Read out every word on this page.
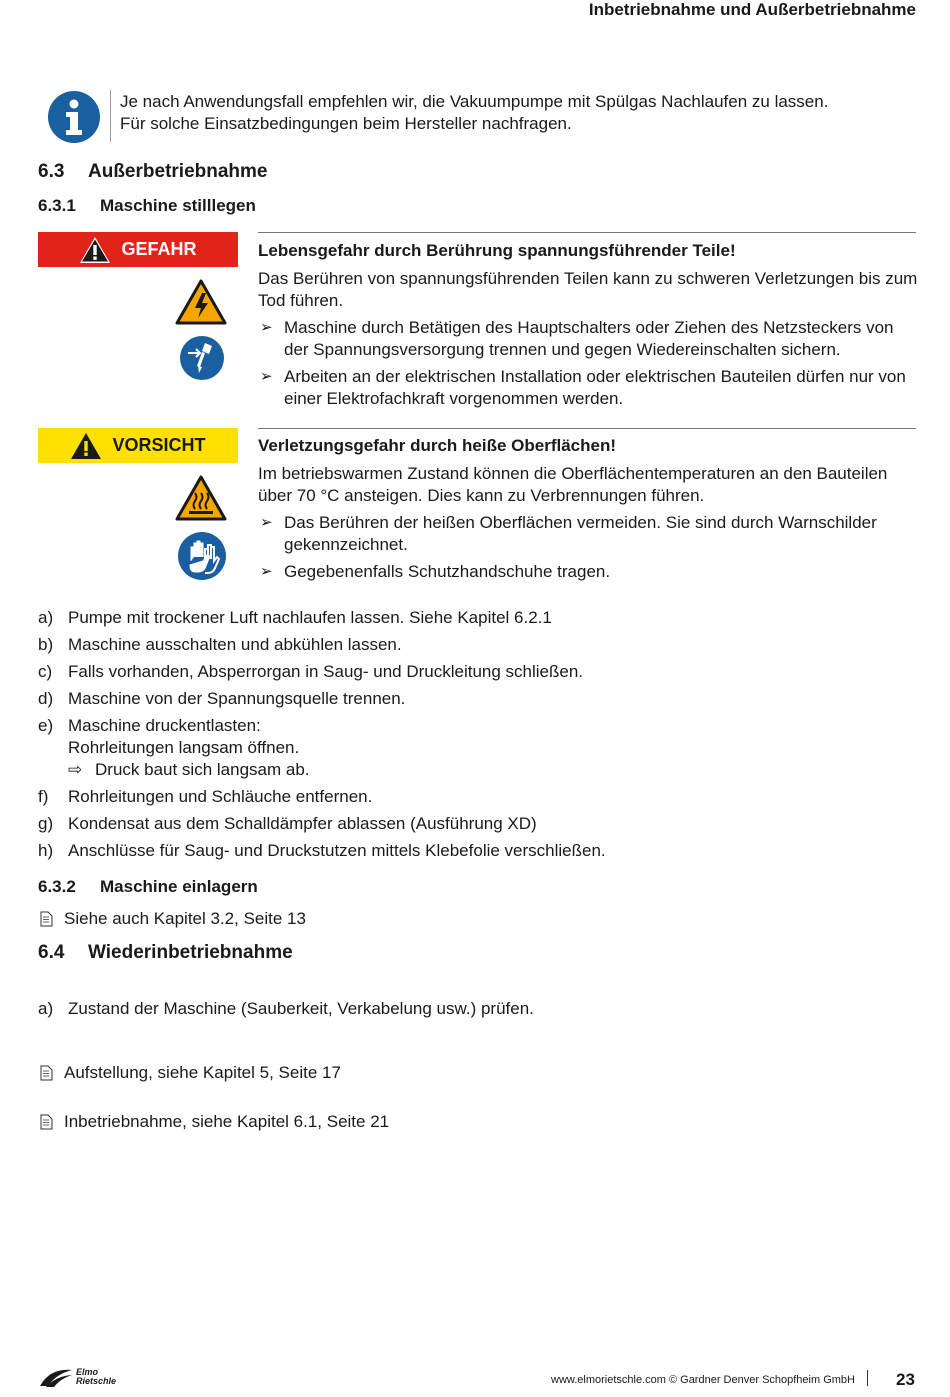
Inbetriebnahme und Außerbetriebnahme
Je nach Anwendungsfall empfehlen wir, die Vakuumpumpe mit Spülgas Nachlaufen zu lassen.
Für solche Einsatzbedingungen beim Hersteller nachfragen.
6.3 Außerbetriebnahme
6.3.1 Maschine stilllegen
GEFAHR	Lebensgefahr durch Berührung spannungsführender Teile!

Das Berühren von spannungsführenden Teilen kann zu schweren Verletzungen bis zum Tod führen.

➢ Maschine durch Betätigen des Hauptschalters oder Ziehen des Netzsteckers von der Spannungsversorgung trennen und gegen Wiedereinschalten sichern.
➢ Arbeiten an der elektrischen Installation oder elektrischen Bauteilen dürfen nur von einer Elektrofachkraft vorgenommen werden.
VORSICHT	Verletzungsgefahr durch heiße Oberflächen!

Im betriebswarmen Zustand können die Oberflächentemperaturen an den Bauteilen über 70 °C ansteigen. Dies kann zu Verbrennungen führen.

➢ Das Berühren der heißen Oberflächen vermeiden. Sie sind durch Warnschilder gekennzeichnet.
➢ Gegebenenfalls Schutzhandschuhe tragen.
a) Pumpe mit trockener Luft nachlaufen lassen. Siehe Kapitel 6.2.1
b) Maschine ausschalten und abkühlen lassen.
c) Falls vorhanden, Absperrorgan in Saug- und Druckleitung schließen.
d) Maschine von der Spannungsquelle trennen.
e) Maschine druckentlasten:
Rohrleitungen langsam öffnen.
⇨ Druck baut sich langsam ab.
f) Rohrleitungen und Schläuche entfernen.
g) Kondensat aus dem Schalldämpfer ablassen (Ausführung XD)
h) Anschlüsse für Saug- und Druckstutzen mittels Klebefolie verschließen.
6.3.2 Maschine einlagern
Siehe auch Kapitel 3.2, Seite 13
6.4 Wiederinbetriebnahme
a) Zustand der Maschine (Sauberkeit, Verkabelung usw.) prüfen.
Aufstellung, siehe Kapitel 5, Seite 17
Inbetriebnahme, siehe Kapitel 6.1, Seite 21
Elmo
Rietschle	www.elmorietschle.com © Gardner Denver Schopfheim GmbH 23
